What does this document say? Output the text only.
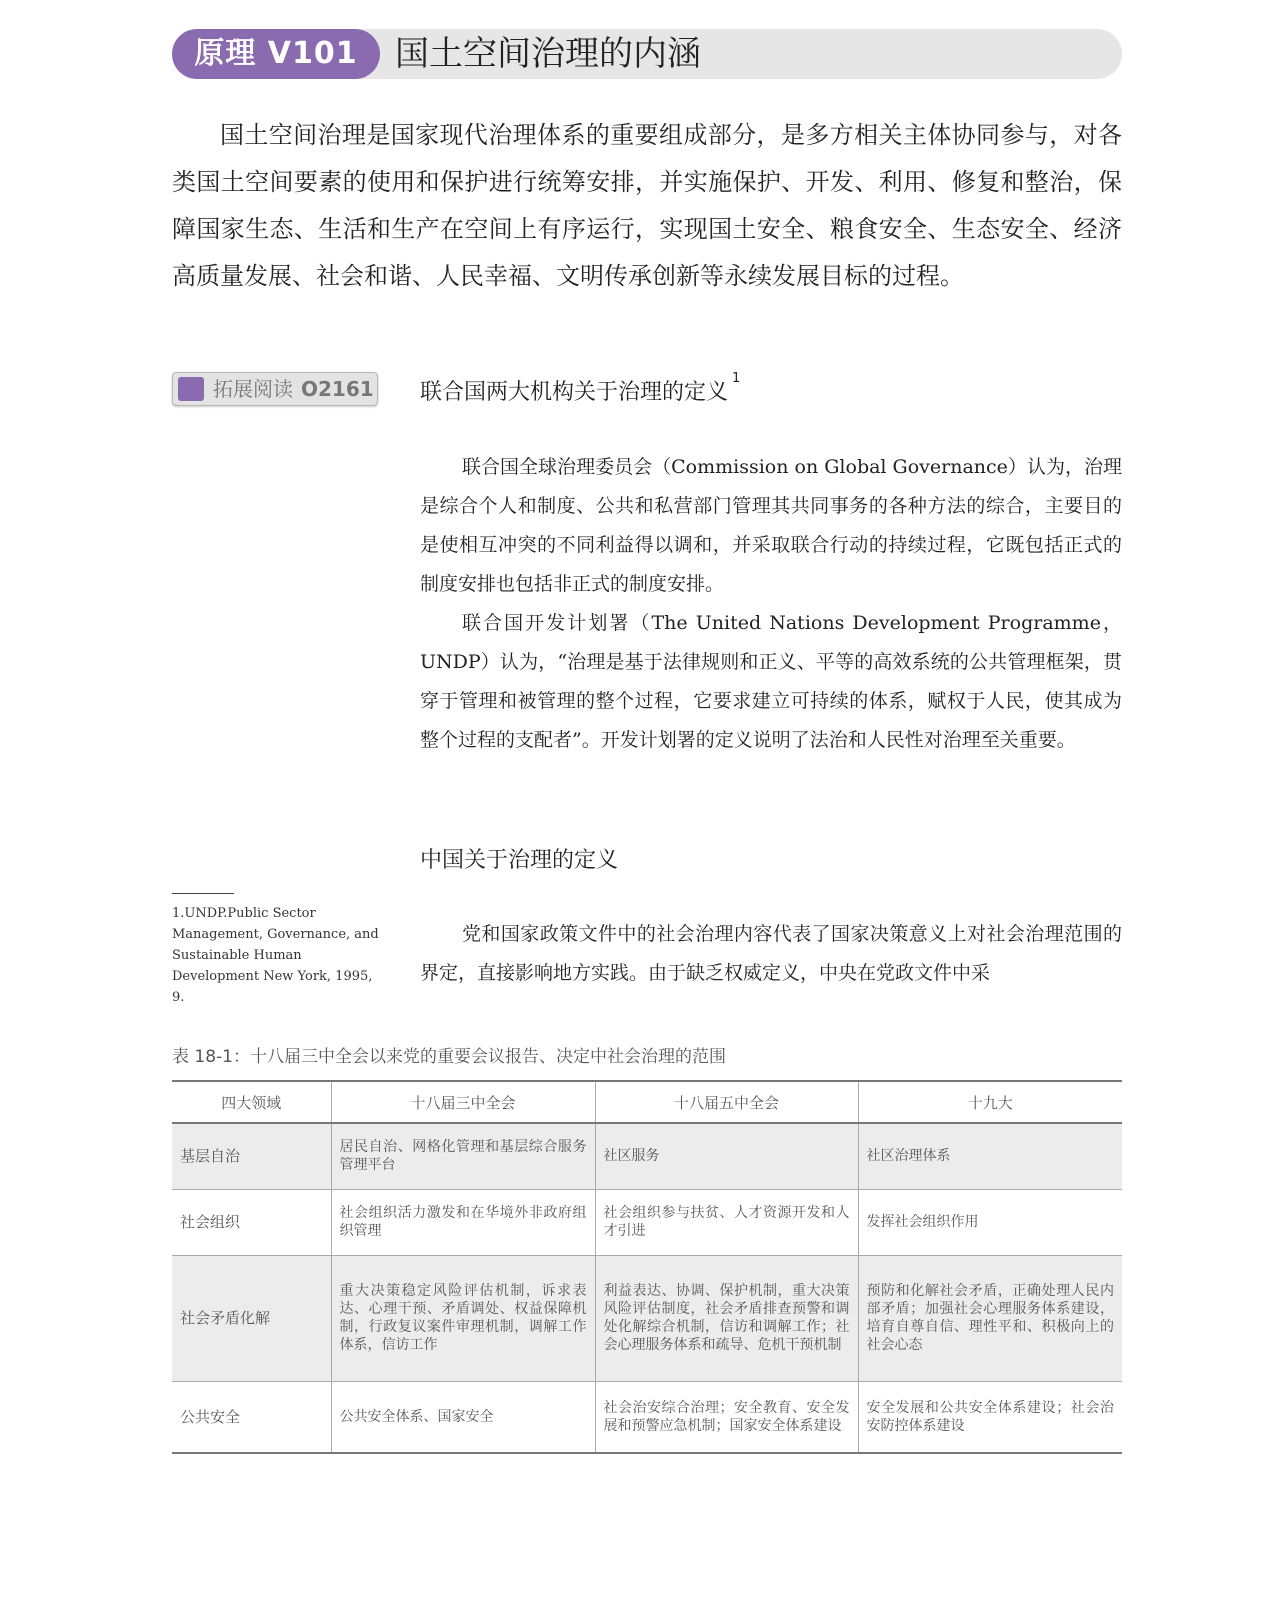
原理 V101	国土空间治理的内涵

国土空间治理是国家现代治理体系的重要组成部分，是多方相关主体协同参与，对各类国土空间要素的使用和保护进行统筹安排，并实施保护、开发、利用、修复和整治，保障国家生态、生活和生产在空间上有序运行，实现国土安全、粮食安全、生态安全、经济高质量发展、社会和谐、人民幸福、文明传承创新等永续发展目标的过程。

拓展阅读 O2161 联合国两大机构关于治理的定义$^1$

联合国全球治理委员会（Commission on Global Governance）认为，治理是综合个人和制度、公共和私营部门管理其共同事务的各种方法的综合，主要目的是使相互冲突的不同利益得以调和，并采取联合行动的持续过程，它既包括正式的制度安排也包括非正式的制度安排。

联合国开发计划署（The United Nations Development Programme，UNDP）认为，“治理是基于法律规则和正义、平等的高效系统的公共管理框架，贯穿于管理和被管理的整个过程，它要求建立可持续的体系，赋权于人民，使其成为整个过程的支配者”。开发计划署的定义说明了法治和人民性对治理至关重要。

中国关于治理的定义

党和国家政策文件中的社会治理内容代表了国家决策意义上对社会治理范围的界定，直接影响地方实践。由于缺乏权威定义，中央在党政文件中采

1.UNDP.Public Sector Management, Governance, and Sustainable Human Development New York, 1995, 9.

表 18-1：十八届三中全会以来党的重要会议报告、决定中社会治理的范围

四大领域	十八届三中全会	十八届五中全会	十九大
基层自治	居民自治、网格化管理和基层综合服务管理平台	社区服务	社区治理体系
社会组织	社会组织活力激发和在华境外非政府组织管理	社会组织参与扶贫、人才资源开发和人才引进	发挥社会组织作用
社会矛盾化解	重大决策稳定风险评估机制，诉求表达、心理干预、矛盾调处、权益保障机制，行政复议案件审理机制，调解工作体系，信访工作	利益表达、协调、保护机制，重大决策风险评估制度，社会矛盾排查预警和调处化解综合机制，信访和调解工作；社会心理服务体系和疏导、危机干预机制	预防和化解社会矛盾，正确处理人民内部矛盾；加强社会心理服务体系建设，培育自尊自信、理性平和、积极向上的社会心态
公共安全	公共安全体系、国家安全	社会治安综合治理；安全教育、安全发展和预警应急机制；国家安全体系建设	安全发展和公共安全体系建设；社会治安防控体系建设
